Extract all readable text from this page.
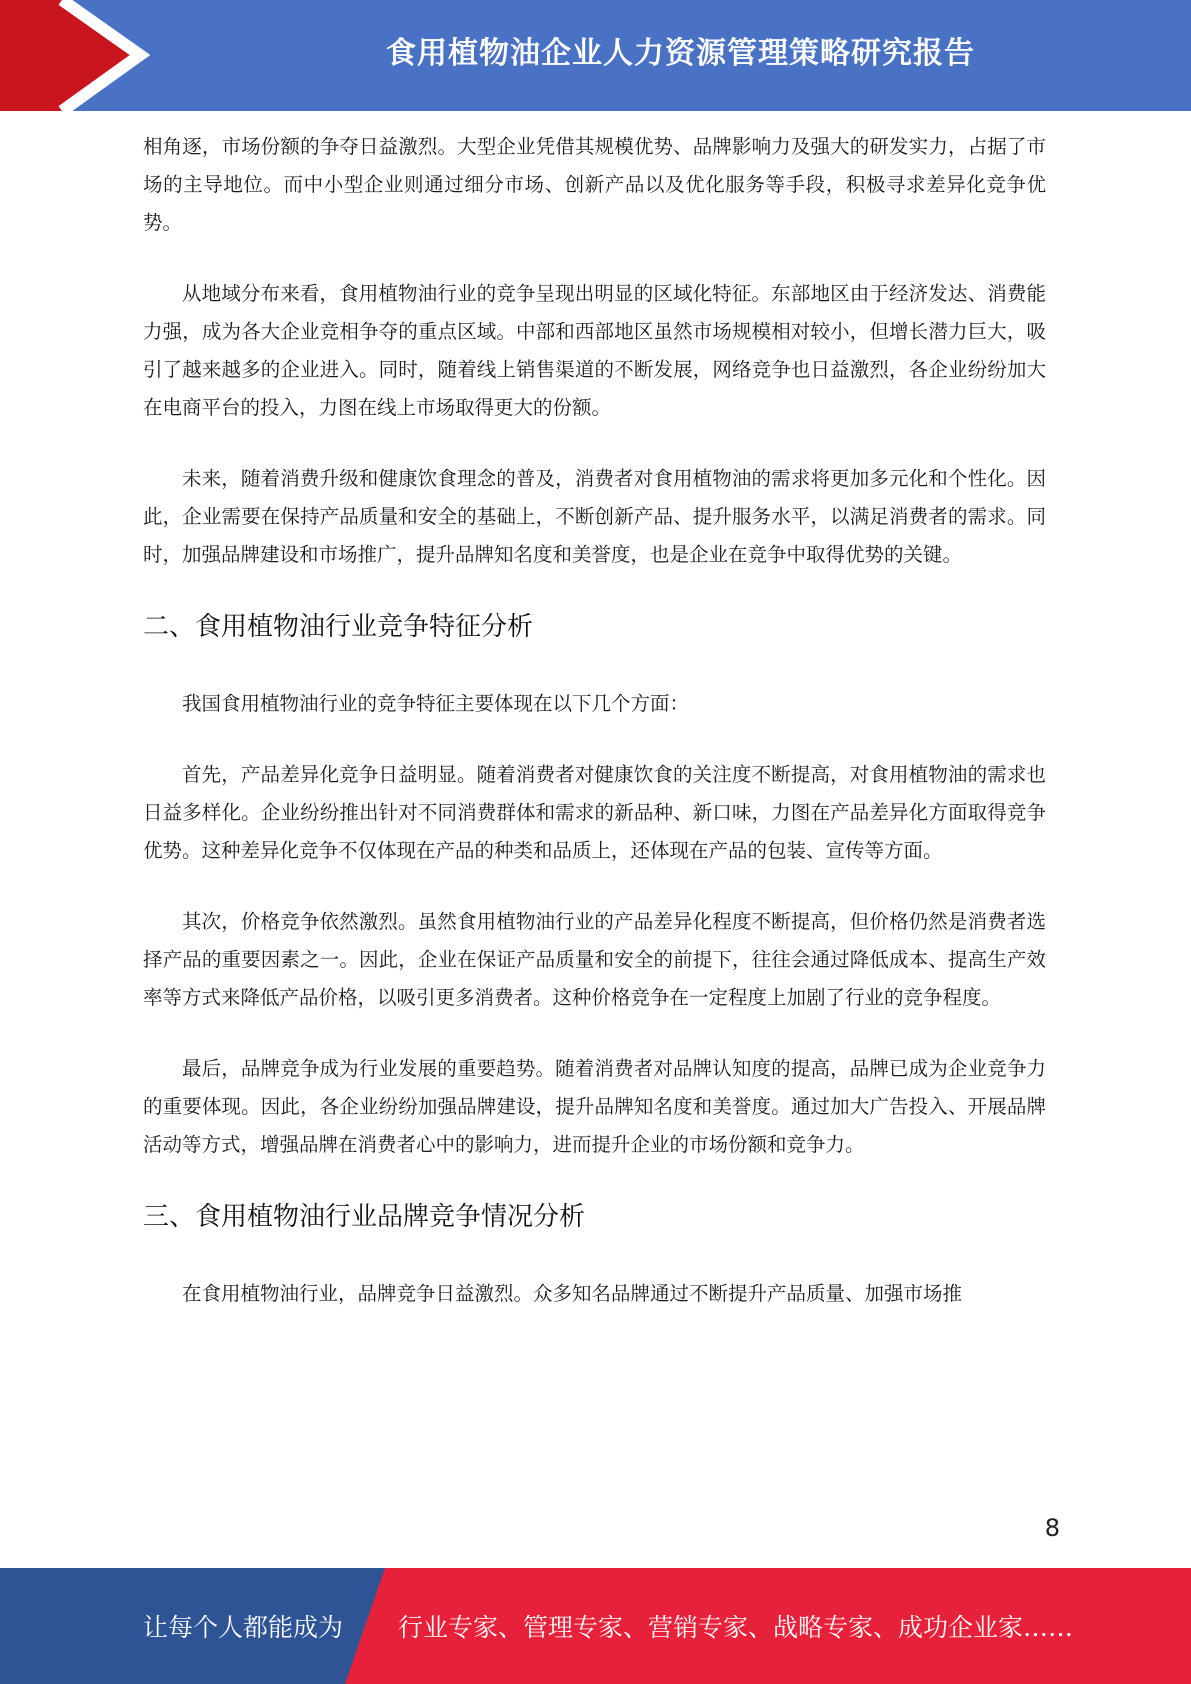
食用植物油企业人力资源管理策略研究报告

相角逐，市场份额的争夺日益激烈。大型企业凭借其规模优势、品牌影响力及强大的研发实力，占据了市场的主导地位。而中小型企业则通过细分市场、创新产品以及优化服务等手段，积极寻求差异化竞争优势。

从地域分布来看，食用植物油行业的竞争呈现出明显的区域化特征。东部地区由于经济发达、消费能力强，成为各大企业竞相争夺的重点区域。中部和西部地区虽然市场规模相对较小，但增长潜力巨大，吸引了越来越多的企业进入。同时，随着线上销售渠道的不断发展，网络竞争也日益激烈，各企业纷纷加大在电商平台的投入，力图在线上市场取得更大的份额。

未来，随着消费升级和健康饮食理念的普及，消费者对食用植物油的需求将更加多元化和个性化。因此，企业需要在保持产品质量和安全的基础上，不断创新产品、提升服务水平，以满足消费者的需求。同时，加强品牌建设和市场推广，提升品牌知名度和美誉度，也是企业在竞争中取得优势的关键。

二、食用植物油行业竞争特征分析

我国食用植物油行业的竞争特征主要体现在以下几个方面：

首先，产品差异化竞争日益明显。随着消费者对健康饮食的关注度不断提高，对食用植物油的需求也日益多样化。企业纷纷推出针对不同消费群体和需求的新品种、新口味，力图在产品差异化方面取得竞争优势。这种差异化竞争不仅体现在产品的种类和品质上，还体现在产品的包装、宣传等方面。

其次，价格竞争依然激烈。虽然食用植物油行业的产品差异化程度不断提高，但价格仍然是消费者选择产品的重要因素之一。因此，企业在保证产品质量和安全的前提下，往往会通过降低成本、提高生产效率等方式来降低产品价格，以吸引更多消费者。这种价格竞争在一定程度上加剧了行业的竞争程度。

最后，品牌竞争成为行业发展的重要趋势。随着消费者对品牌认知度的提高，品牌已成为企业竞争力的重要体现。因此，各企业纷纷加强品牌建设，提升品牌知名度和美誉度。通过加大广告投入、开展品牌活动等方式，增强品牌在消费者心中的影响力，进而提升企业的市场份额和竞争力。

三、食用植物油行业品牌竞争情况分析

在食用植物油行业，品牌竞争日益激烈。众多知名品牌通过不断提升产品质量、加强市场推

8
让每个人都能成为 行业专家、管理专家、营销专家、战略专家、成功企业家……
